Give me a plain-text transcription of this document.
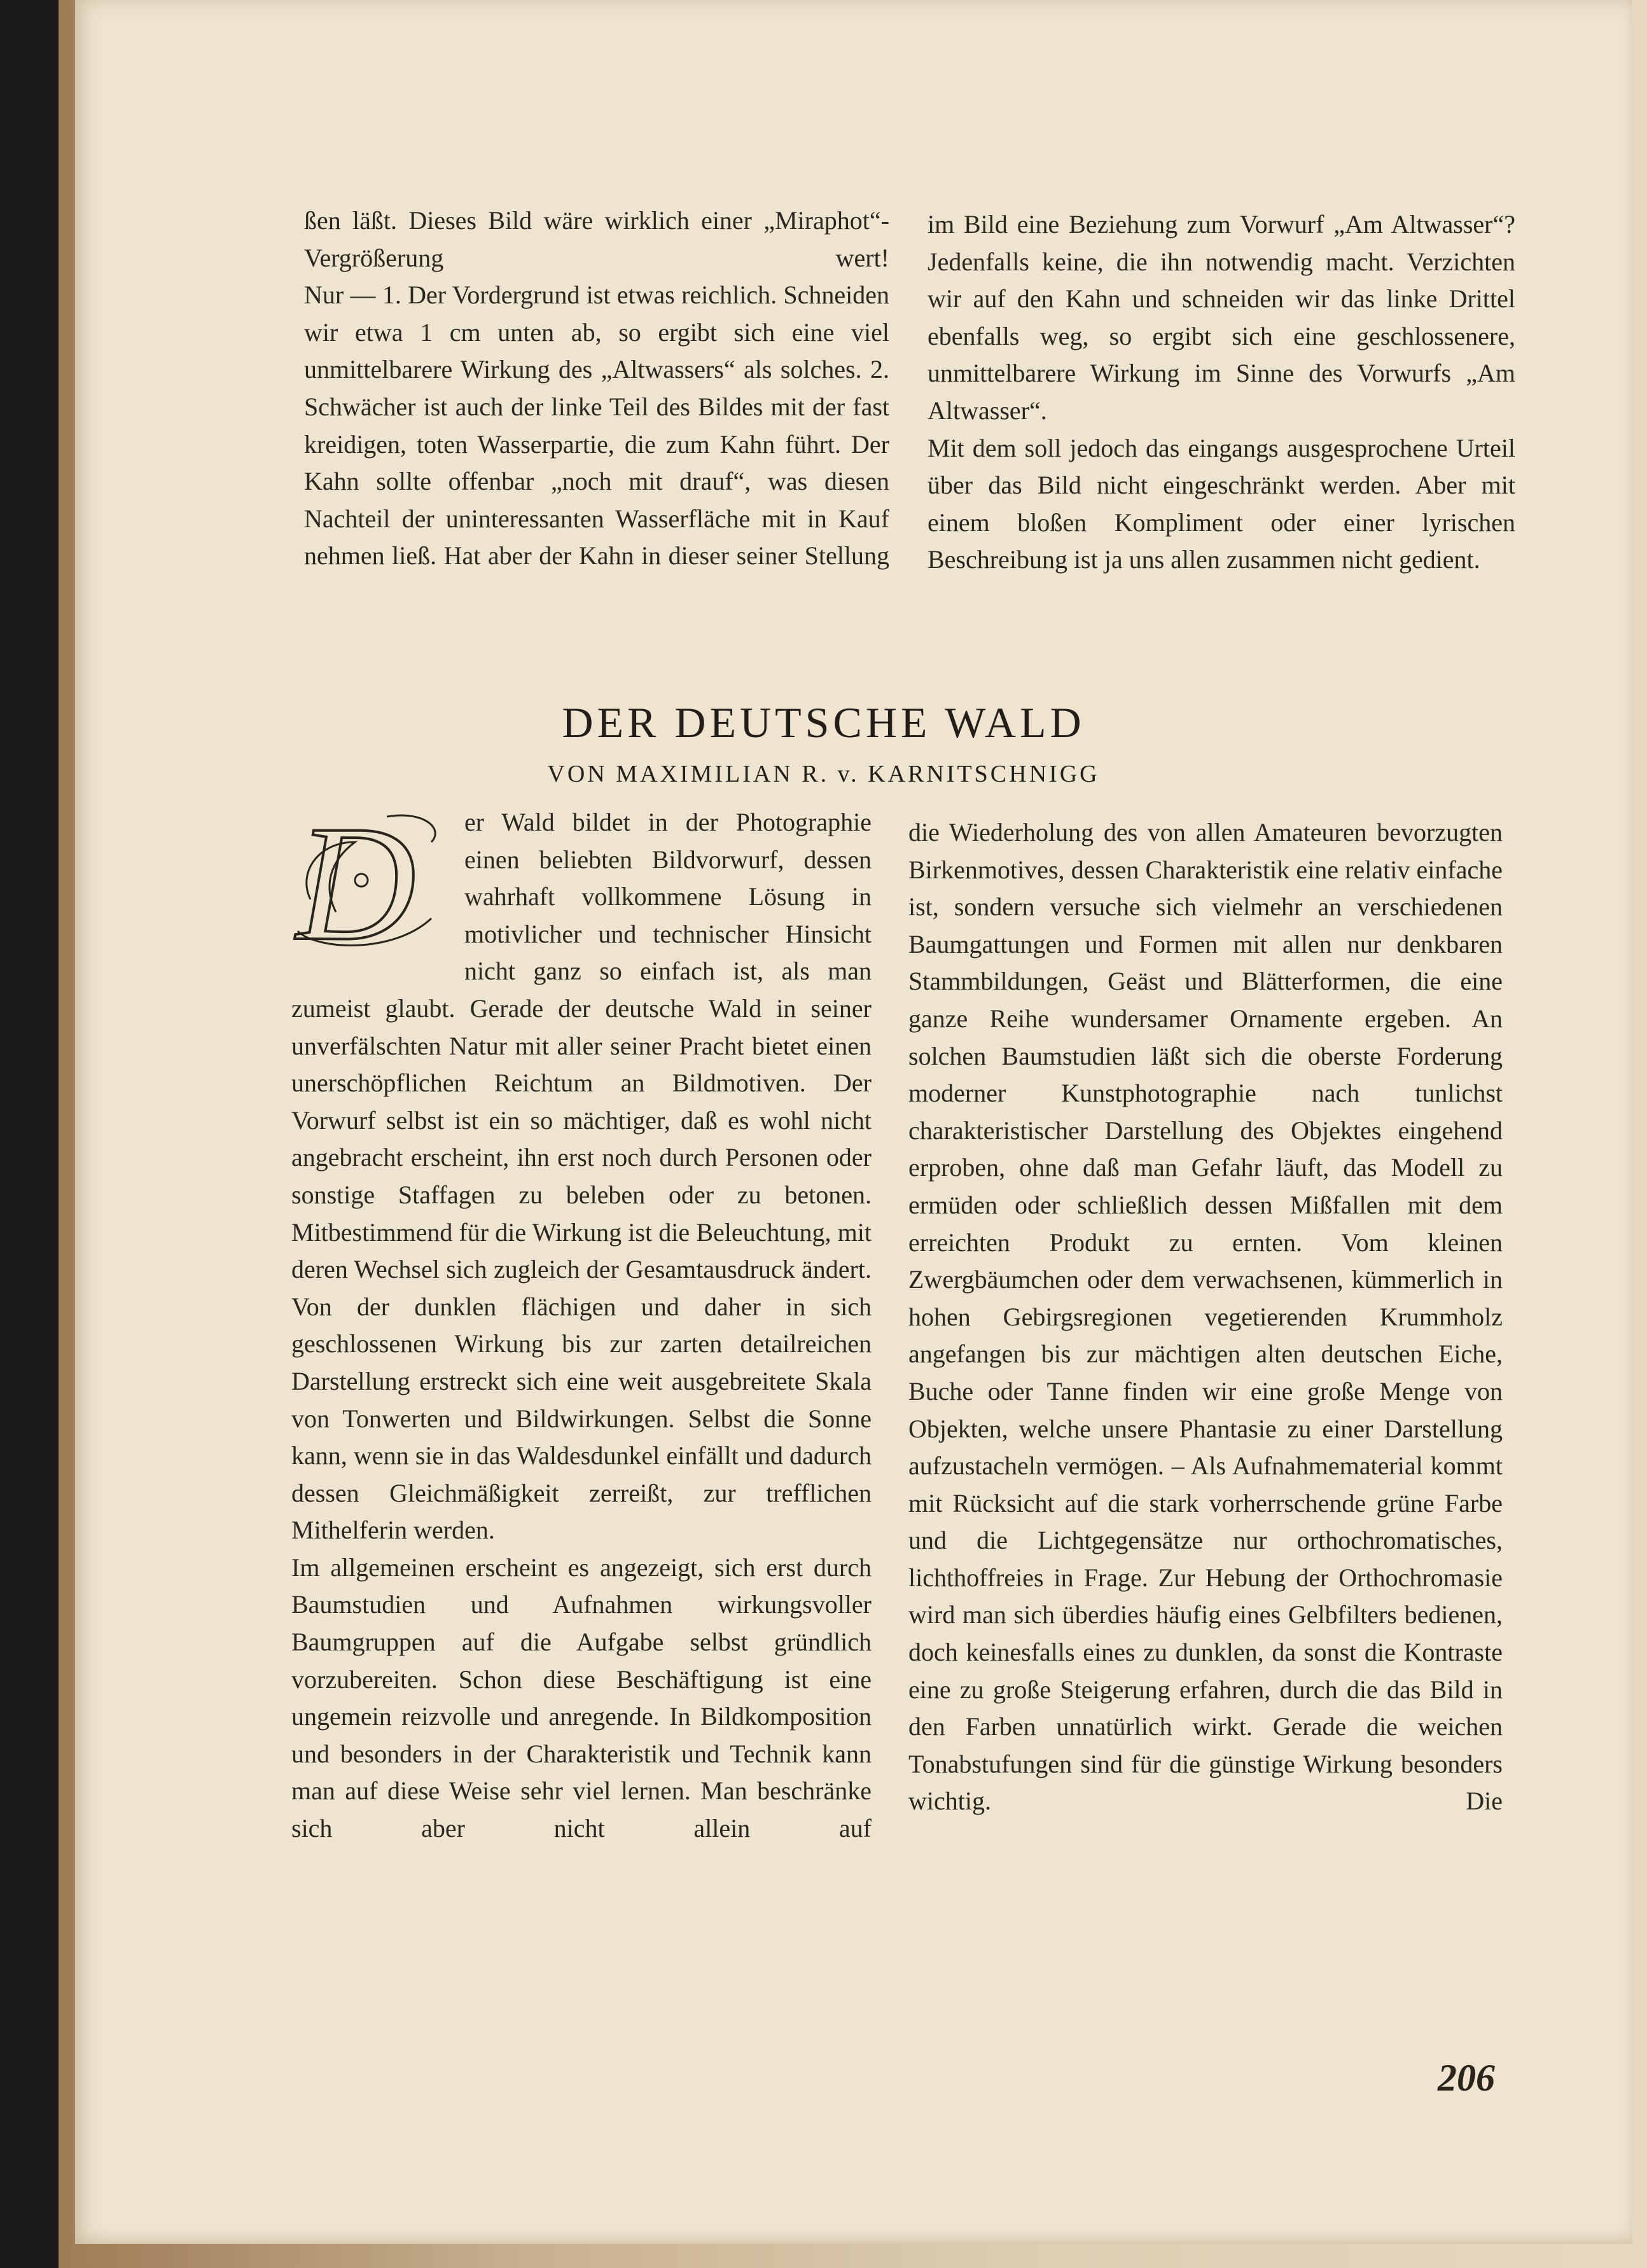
ßen läßt. Dieses Bild wäre wirklich einer „Miraphot“-Vergrößerung wert!

Nur — 1. Der Vordergrund ist etwas reichlich. Schneiden wir etwa 1 cm unten ab, so ergibt sich eine viel unmittelbarere Wirkung des „Altwassers“ als solches. 2. Schwächer ist auch der linke Teil des Bildes mit der fast kreidigen, toten Wasserpartie, die zum Kahn führt. Der Kahn sollte offenbar „noch mit drauf“, was diesen Nachteil der uninteressanten Wasserfläche mit in Kauf nehmen ließ. Hat aber der Kahn in dieser seiner Stellung

im Bild eine Beziehung zum Vorwurf „Am Altwasser“? Jedenfalls keine, die ihn notwendig macht. Verzichten wir auf den Kahn und schneiden wir das linke Drittel ebenfalls weg, so ergibt sich eine geschlossenere, unmittelbarere Wirkung im Sinne des Vorwurfs „Am Altwasser“.

Mit dem soll jedoch das eingangs ausgesprochene Urteil über das Bild nicht eingeschränkt werden. Aber mit einem bloßen Kompliment oder einer lyrischen Beschreibung ist ja uns allen zusammen nicht gedient.

DER DEUTSCHE WALD
VON MAXIMILIAN R. v. KARNITSCHNIGG
D	er Wald bildet in der Photographie einen beliebten Bildvorwurf, dessen wahrhaft vollkommene Lösung in motivlicher und technischer Hinsicht nicht ganz so einfach ist, als man zumeist glaubt. Gerade der deutsche Wald in seiner unverfälschten Natur mit aller seiner Pracht bietet einen unerschöpflichen Reichtum an Bildmotiven. Der Vorwurf selbst ist ein so mächtiger, daß es wohl nicht angebracht erscheint, ihn erst noch durch Personen oder sonstige Staffagen zu beleben oder zu betonen. Mitbestimmend für die Wirkung ist die Beleuchtung, mit deren Wechsel sich zugleich der Gesamtausdruck ändert. Von der dunklen flächigen und daher in sich geschlossenen Wirkung bis zur zarten detailreichen Darstellung erstreckt sich eine weit ausgebreitete Skala von Tonwerten und Bildwirkungen. Selbst die Sonne kann, wenn sie in das Waldesdunkel einfällt und dadurch dessen Gleichmäßigkeit zerreißt, zur trefflichen Mithelferin werden.

Im allgemeinen erscheint es angezeigt, sich erst durch Baumstudien und Aufnahmen wirkungsvoller Baumgruppen auf die Aufgabe selbst gründlich vorzubereiten. Schon diese Beschäftigung ist eine ungemein reizvolle und anregende. In Bildkomposition und besonders in der Charakteristik und Technik kann man auf diese Weise sehr viel lernen. Man beschränke sich aber nicht allein auf

die Wiederholung des von allen Amateuren bevorzugten Birkenmotives, dessen Charakteristik eine relativ einfache ist, sondern versuche sich vielmehr an verschiedenen Baumgattungen und Formen mit allen nur denkbaren Stammbildungen, Geäst und Blätterformen, die eine ganze Reihe wundersamer Ornamente ergeben. An solchen Baumstudien läßt sich die oberste Forderung moderner Kunstphotographie nach tunlichst charakteristischer Darstellung des Objektes eingehend erproben, ohne daß man Gefahr läuft, das Modell zu ermüden oder schließlich dessen Mißfallen mit dem erreichten Produkt zu ernten. Vom kleinen Zwergbäumchen oder dem verwachsenen, kümmerlich in hohen Gebirgsregionen vegetierenden Krummholz angefangen bis zur mächtigen alten deutschen Eiche, Buche oder Tanne finden wir eine große Menge von Objekten, welche unsere Phantasie zu einer Darstellung aufzustacheln vermögen. – Als Aufnahmematerial kommt mit Rücksicht auf die stark vorherrschende grüne Farbe und die Lichtgegensätze nur orthochromatisches, lichthoffreies in Frage. Zur Hebung der Orthochromasie wird man sich überdies häufig eines Gelbfilters bedienen, doch keinesfalls eines zu dunklen, da sonst die Kontraste eine zu große Steigerung erfahren, durch die das Bild in den Farben unnatürlich wirkt. Gerade die weichen Tonabstufungen sind für die günstige Wirkung besonders wichtig. Die

206
